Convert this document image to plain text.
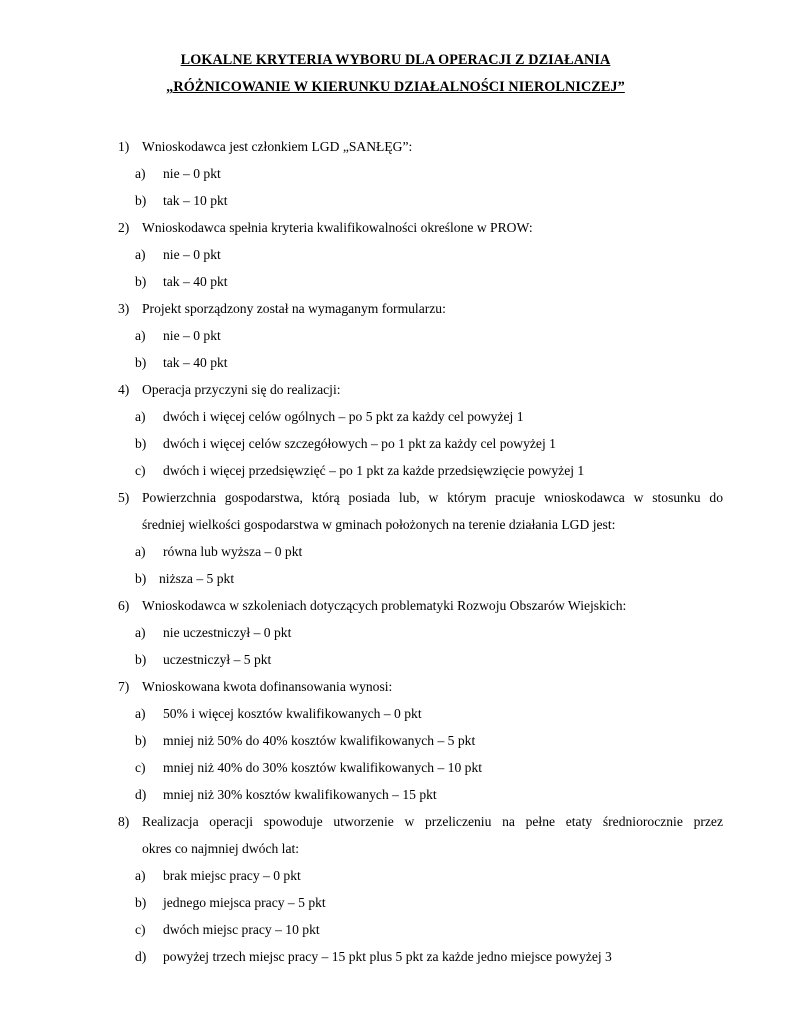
LOKALNE KRYTERIA WYBORU DLA OPERACJI Z DZIAŁANIA
„RÓŻNICOWANIE W KIERUNKU DZIAŁALNOŚCI NIEROLNICZEJ”
1) Wnioskodawca jest członkiem LGD „SANŁĘG”:
a) nie – 0 pkt
b) tak – 10 pkt
2) Wnioskodawca spełnia kryteria kwalifikowalności określone w PROW:
a) nie – 0 pkt
b) tak – 40 pkt
3) Projekt sporządzony został na wymaganym formularzu:
a) nie – 0 pkt
b) tak – 40 pkt
4) Operacja przyczyni się do realizacji:
a) dwóch i więcej celów ogólnych – po 5 pkt za każdy cel powyżej 1
b) dwóch i więcej celów szczegółowych – po 1 pkt za każdy cel powyżej 1
c) dwóch i więcej przedsięwzięć – po 1 pkt za każde przedsięwzięcie powyżej 1
5) Powierzchnia gospodarstwa, którą posiada lub, w którym pracuje wnioskodawca w stosunku do
średniej wielkości gospodarstwa w gminach położonych na terenie działania LGD jest:
a) równa lub wyższa – 0 pkt
b) niższa – 5 pkt
6) Wnioskodawca w szkoleniach dotyczących problematyki Rozwoju Obszarów Wiejskich:
a) nie uczestniczył – 0 pkt
b) uczestniczył – 5 pkt
7) Wnioskowana kwota dofinansowania wynosi:
a) 50% i więcej kosztów kwalifikowanych – 0 pkt
b) mniej niż 50% do 40% kosztów kwalifikowanych – 5 pkt
c) mniej niż 40% do 30% kosztów kwalifikowanych – 10 pkt
d) mniej niż 30% kosztów kwalifikowanych – 15 pkt
8) Realizacja operacji spowoduje utworzenie w przeliczeniu na pełne etaty średniorocznie przez
okres co najmniej dwóch lat:
a) brak miejsc pracy – 0 pkt
b) jednego miejsca pracy – 5 pkt
c) dwóch miejsc pracy – 10 pkt
d) powyżej trzech miejsc pracy – 15 pkt plus 5 pkt za każde jedno miejsce powyżej 3
